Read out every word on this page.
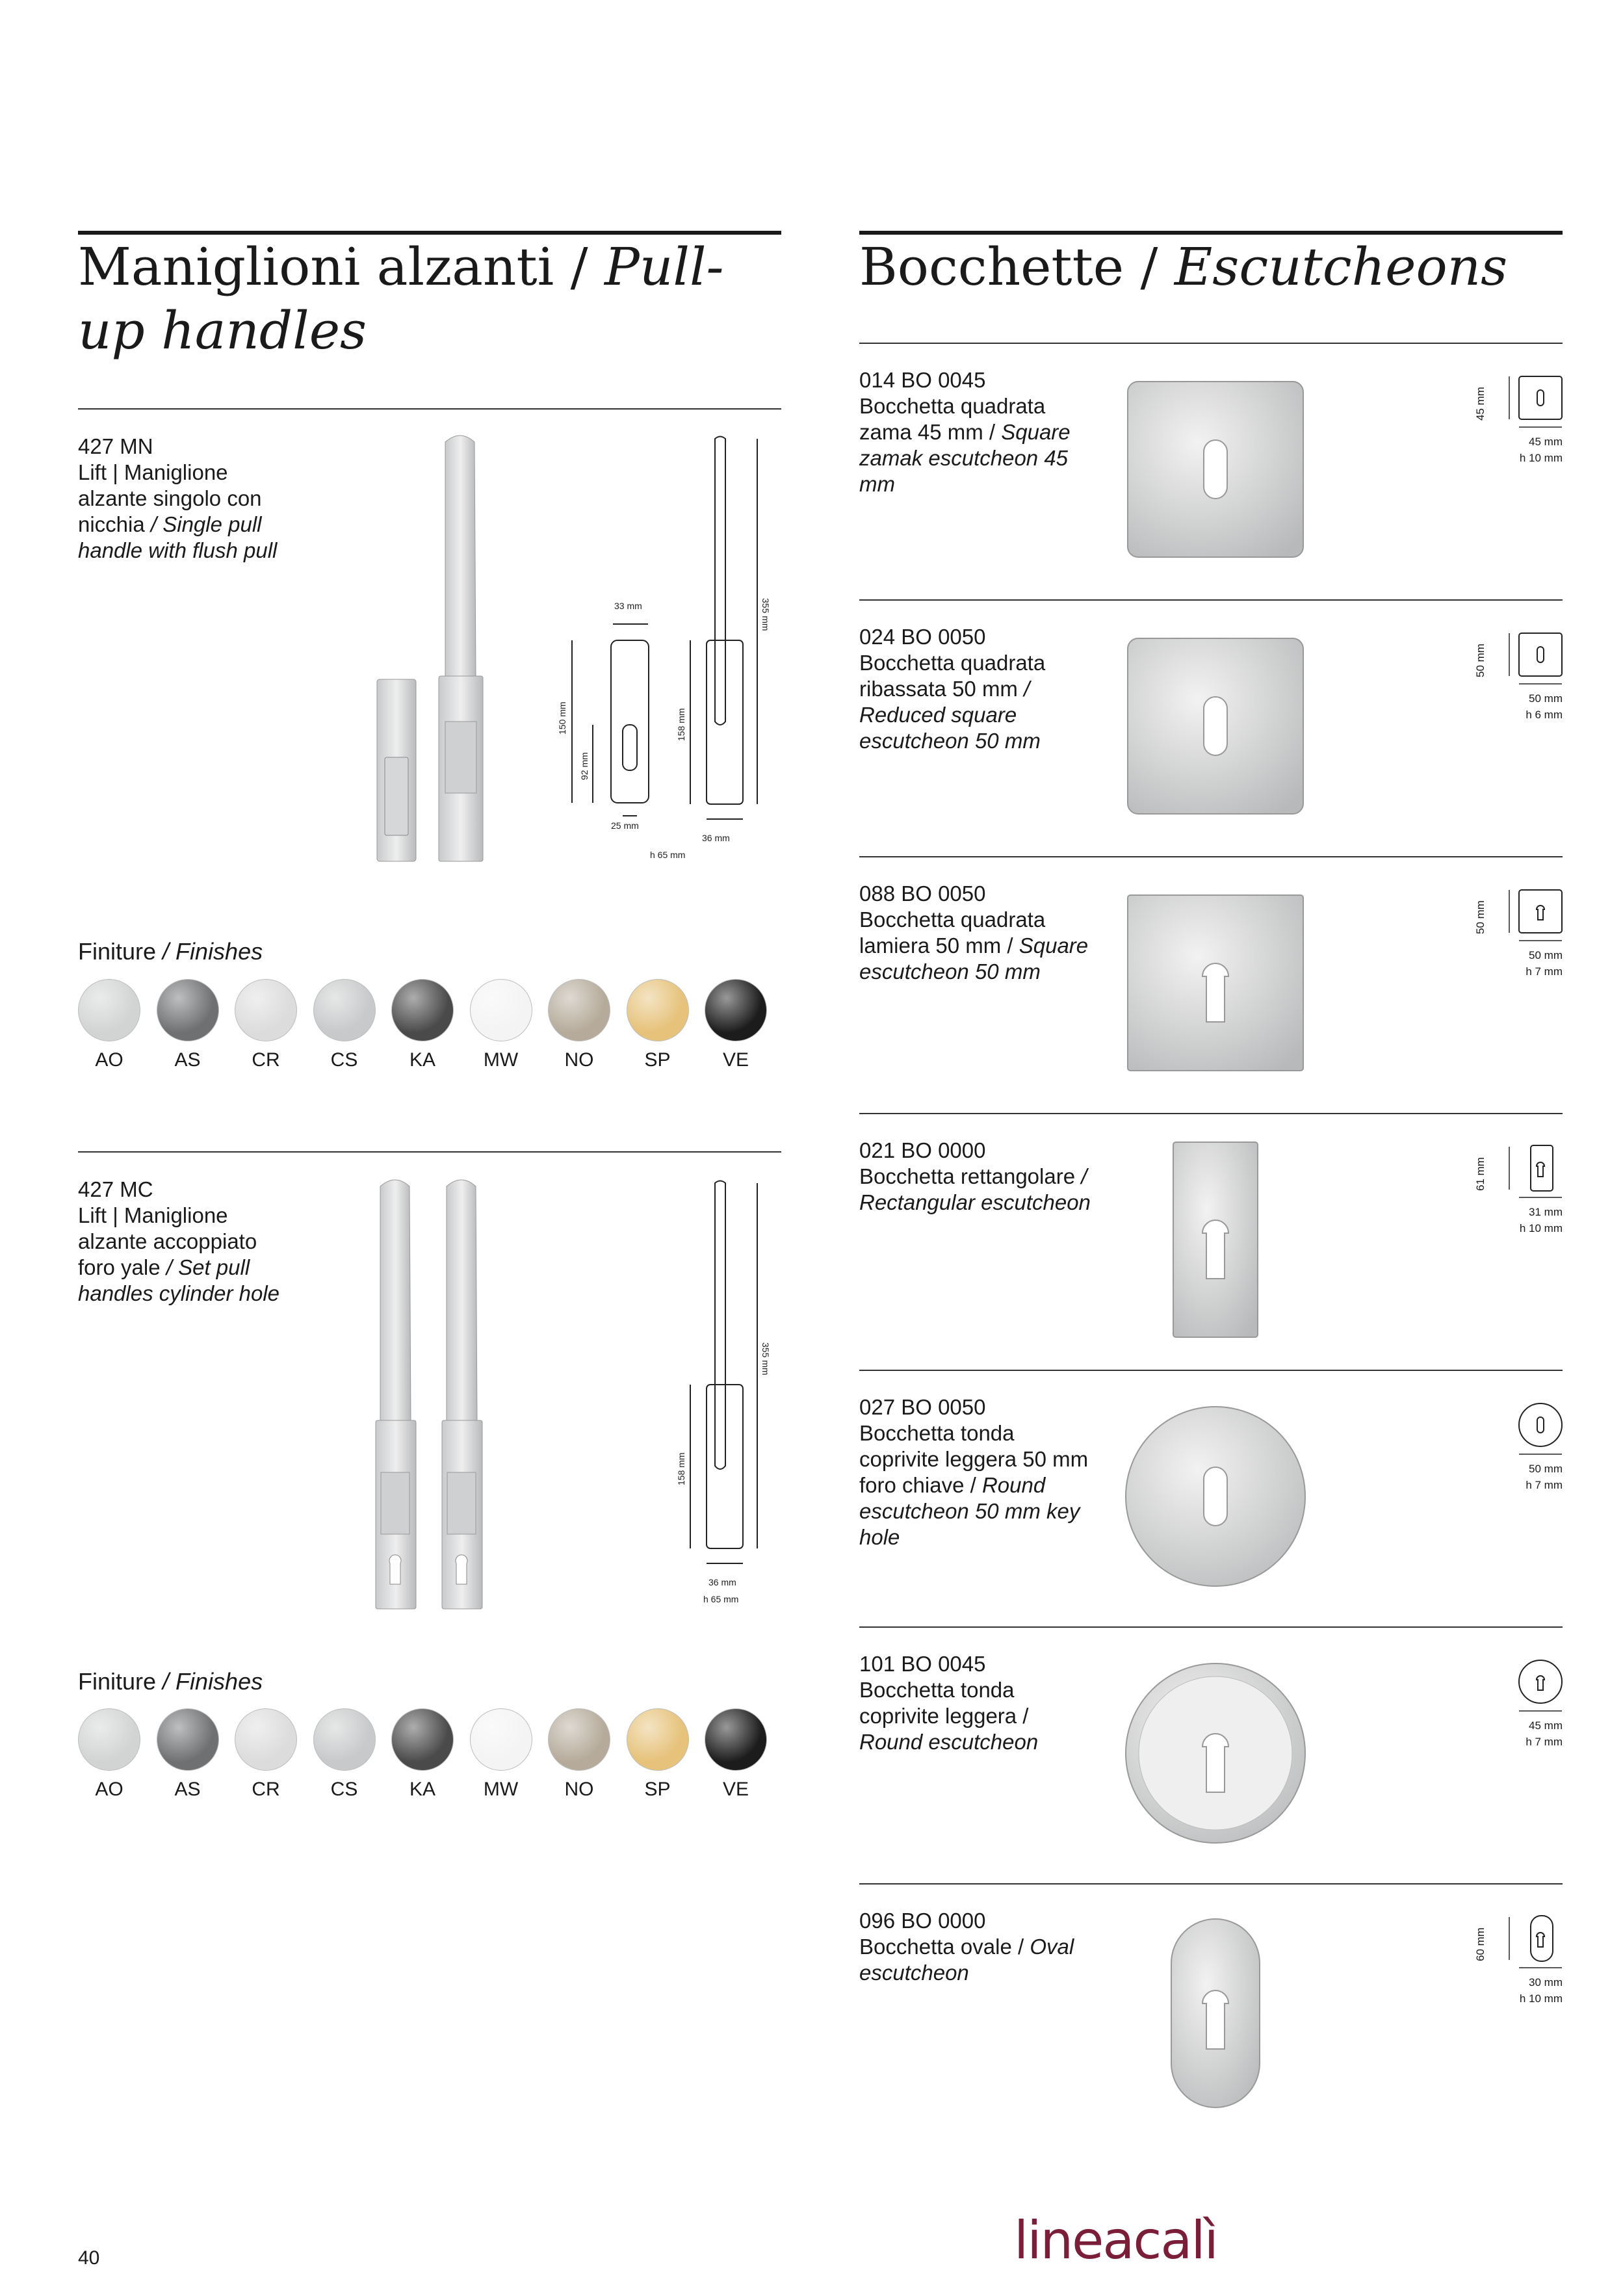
Maniglioni alzanti / Pull-up handles
427 MN
Lift | Maniglione alzante singolo con nicchia / Single pull handle with flush pull
33 mm
150 mm
92 mm
25 mm
158 mm
36 mm
h 65 mm
355 mm
Finiture / Finishes
AO	AS	CR	CS	KA	MW	NO	SP	VE
427 MC
Lift | Maniglione alzante accoppiato foro yale / Set pull handles cylinder hole
355 mm
158 mm
36 mm
h 65 mm
Finiture / Finishes
AO	AS	CR	CS	KA	MW	NO	SP	VE
Bocchette / Escutcheons
014 BO 0045
Bocchetta quadrata zama 45 mm / Square zamak escutcheon 45 mm
45 mm
45 mm
h 10 mm
024 BO 0050
Bocchetta quadrata ribassata 50 mm / Reduced square escutcheon 50 mm
50 mm
50 mm
h 6 mm
088 BO 0050
Bocchetta quadrata lamiera 50 mm / Square escutcheon 50 mm
50 mm
50 mm
h 7 mm
021 BO 0000
Bocchetta rettangolare / Rectangular escutcheon
61 mm
31 mm
h 10 mm
027 BO 0050
Bocchetta tonda coprivite leggera 50 mm foro chiave / Round escutcheon 50 mm key hole
50 mm
h 7 mm
101 BO 0045
Bocchetta tonda coprivite leggera / Round escutcheon
45 mm
h 7 mm
096 BO 0000
Bocchetta ovale / Oval escutcheon
60 mm
30 mm
h 10 mm
40	lineacalì
